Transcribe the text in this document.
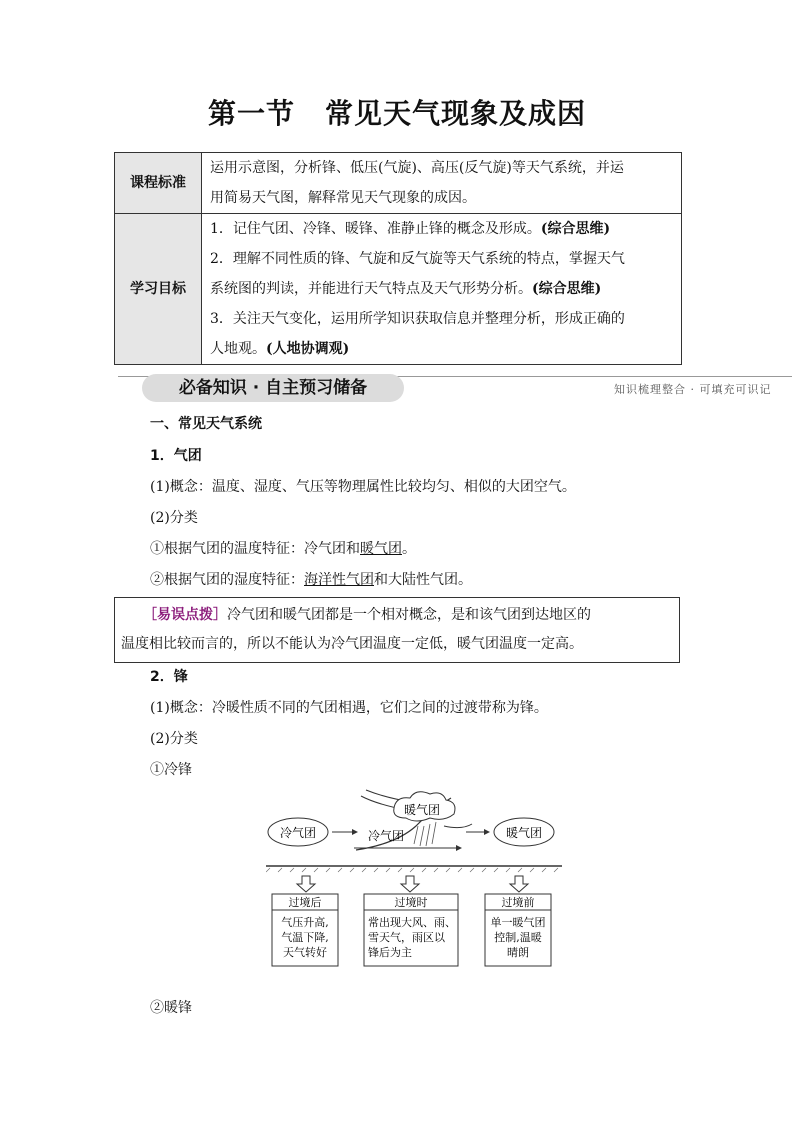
第一节 常见天气现象及成因
课程标准	运用示意图，分析锋、低压(气旋)、高压(反气旋)等天气系统，并运
用简易天气图，解释常见天气现象的成因。

学习目标	1．记住气团、冷锋、暖锋、准静止锋的概念及形成。(综合思维)
2．理解不同性质的锋、气旋和反气旋等天气系统的特点，掌握天气
系统图的判读，并能进行天气特点及天气形势分析。(综合思维)
3．关注天气变化，运用所学知识获取信息并整理分析，形成正确的
人地观。(人地协调观)
必备知识 · 自主预习储备	知识梳理整合 · 可填充可识记
一、常见天气系统
1．气团
(1)概念：温度、湿度、气压等物理属性比较均匀、相似的大团空气。
(2)分类
①根据气团的温度特征：冷气团和暖气团。
②根据气团的湿度特征：海洋性气团和大陆性气团。
［易误点拨］冷气团和暖气团都是一个相对概念，是和该气团到达地区的
温度相比较而言的，所以不能认为冷气团温度一定低，暖气团温度一定高。
2．锋
(1)概念：冷暖性质不同的气团相遇，它们之间的过渡带称为锋。
(2)分类
①冷锋
冷气团
暖气团
冷气团	暖气团
过境后
气压升高,
气温下降,
天气转好
过境时
常出现大风、雨、
雪天气，雨区以
锋后为主
过境前
单一暖气团
控制,温暖
晴朗
②暖锋
